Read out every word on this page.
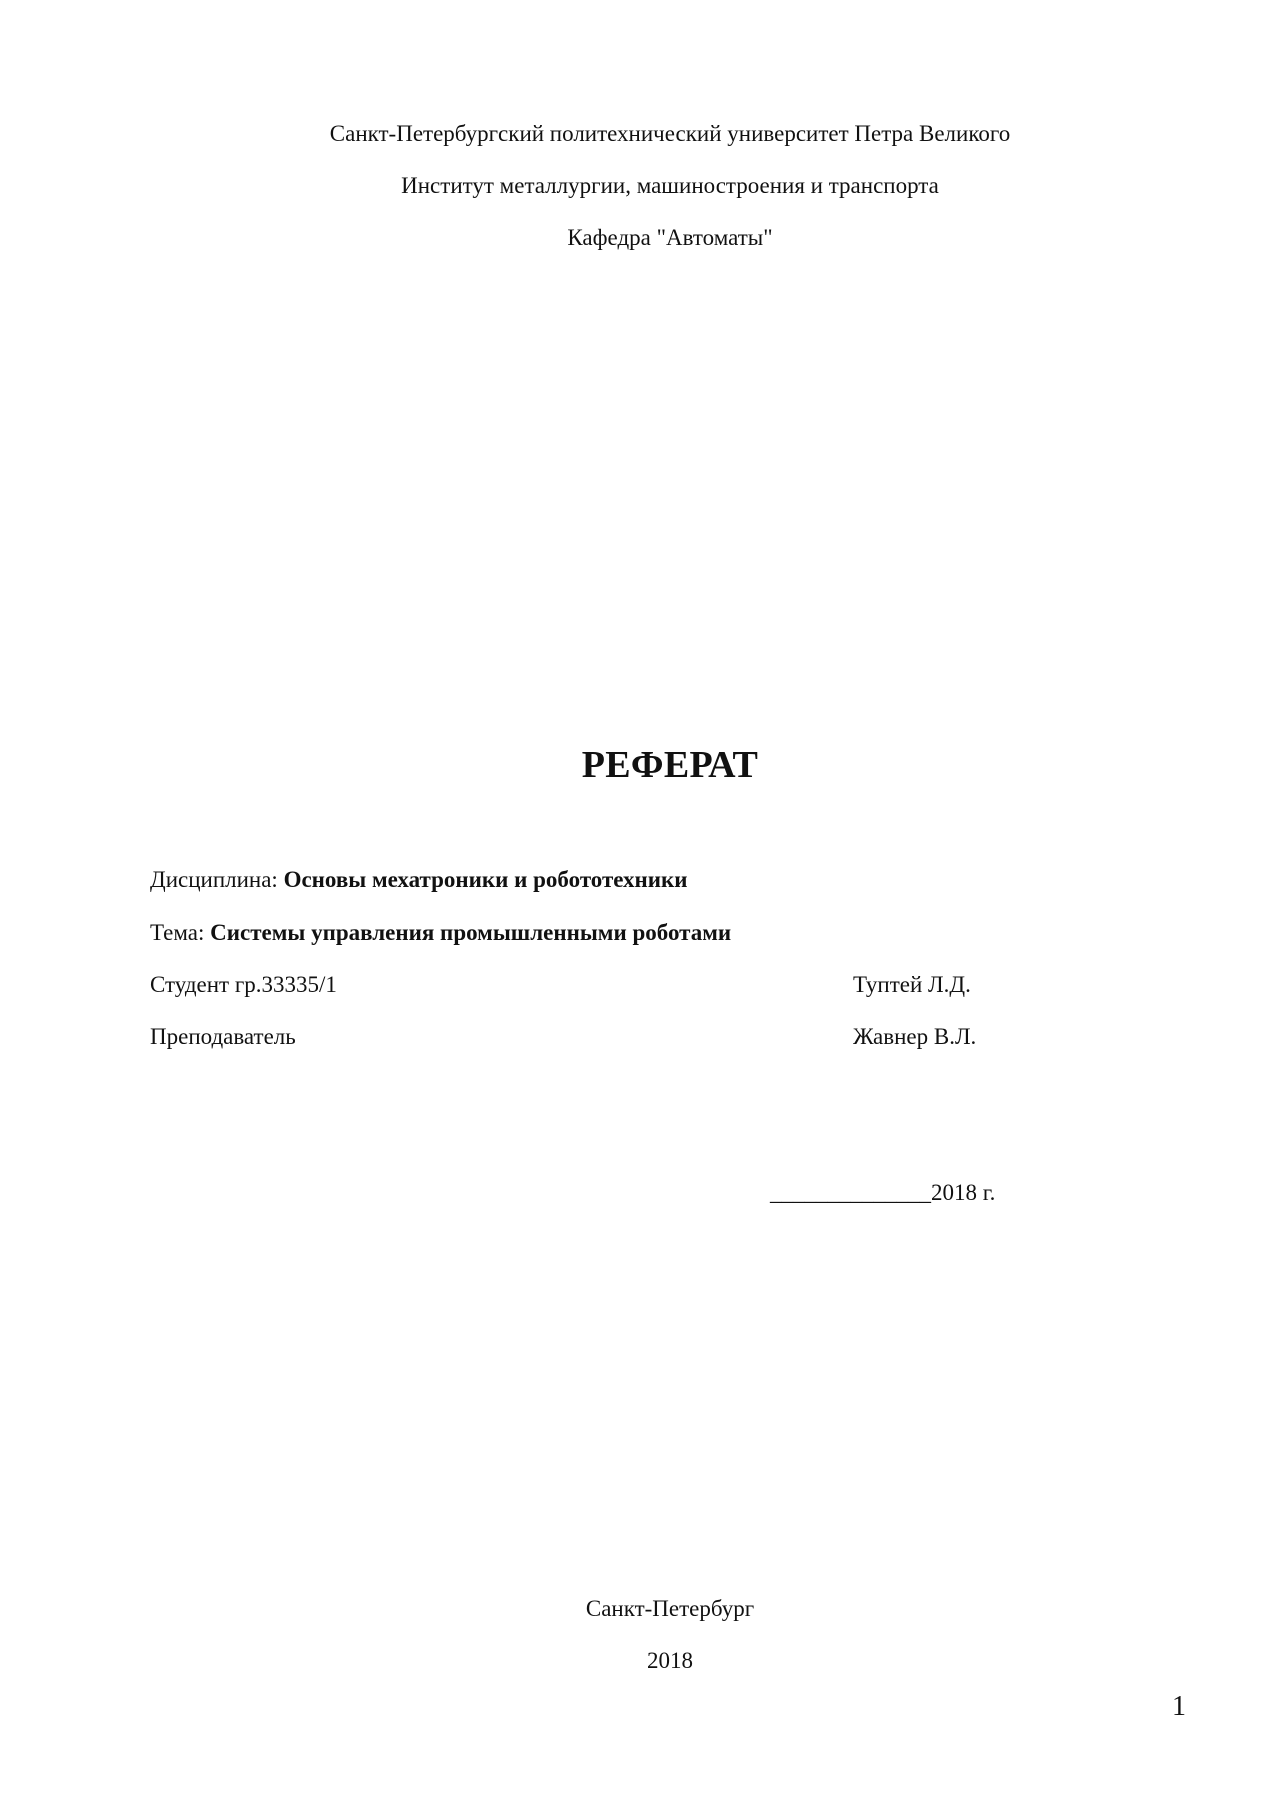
Санкт-Петербургский политехнический университет Петра Великого
Институт металлургии, машиностроения и транспорта
Кафедра "Автоматы"
РЕФЕРАТ
Дисциплина: Основы мехатроники и робототехники
Тема: Системы управления промышленными роботами
Студент гр.33335/1	Туптей Л.Д.
Преподаватель	Жавнер В.Л.
______________2018 г.
Санкт-Петербург
2018
1
